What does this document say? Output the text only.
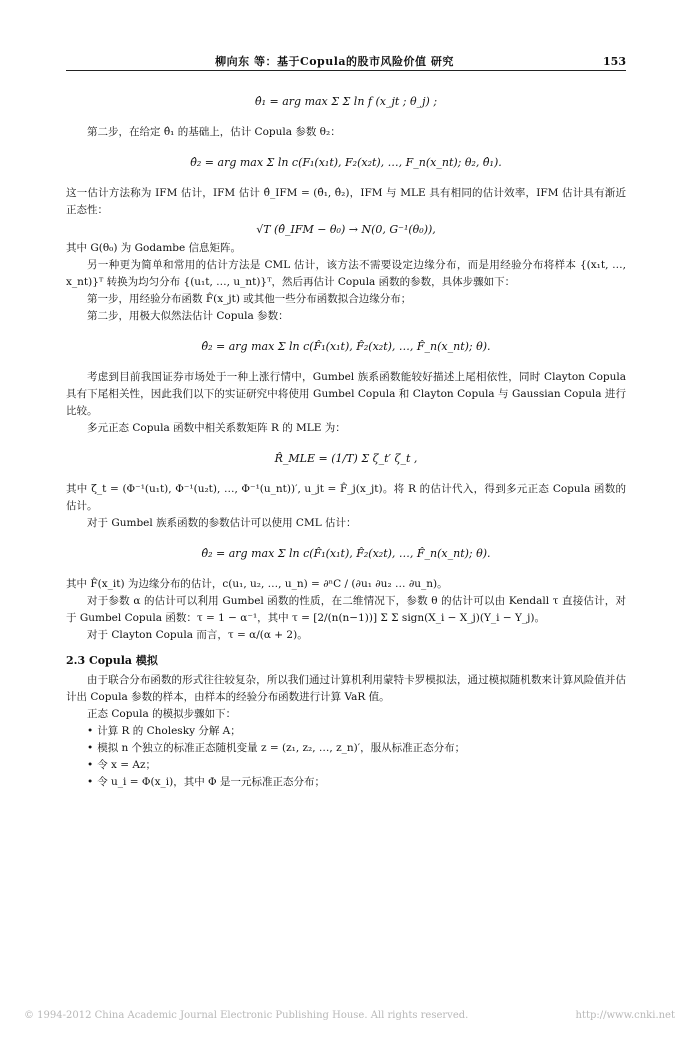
柳向东 等：基于Copula的股市风险价值 研究	153
θ̂₁ = arg max Σ Σ ln f (x_jt ; θ_j) ;

第二步，在给定 θ̂₁ 的基础上，估计 Copula 参数 θ₂：

θ̂₂ = arg max Σ ln c(F₁(x₁t), F₂(x₂t), …, F_n(x_nt); θ₂, θ̂₁).

这一估计方法称为 IFM 估计，IFM 估计 θ̂_IFM = (θ̂₁, θ̂₂)，IFM 与 MLE 具有相同的估计效率，IFM 估计具有渐近正态性：

√T (θ̂_IFM − θ₀) → N(0, G⁻¹(θ₀)),

其中 G(θ₀) 为 Godambe 信息矩阵。

另一种更为简单和常用的估计方法是 CML 估计，该方法不需要设定边缘分布，而是用经验分布将样本 {(x₁t, …, x_nt)}ᵀ 转换为均匀分布 {(u₁t, …, u_nt)}ᵀ，然后再估计 Copula 函数的参数，具体步骤如下：

第一步，用经验分布函数 F̂(x_jt) 或其他一些分布函数拟合边缘分布；

第二步，用极大似然法估计 Copula 参数：

θ̂₂ = arg max Σ ln c(F̂₁(x₁t), F̂₂(x₂t), …, F̂_n(x_nt); θ).

考虑到目前我国证券市场处于一种上涨行情中，Gumbel 族系函数能较好描述上尾相依性，同时 Clayton Copula 具有下尾相关性，因此我们以下的实证研究中将使用 Gumbel Copula 和 Clayton Copula 与 Gaussian Copula 进行比较。

多元正态 Copula 函数中相关系数矩阵 R 的 MLE 为：

R̂_MLE = (1/T) Σ ζ_t′ ζ_t ,

其中 ζ_t = (Φ⁻¹(u₁t), Φ⁻¹(u₂t), …, Φ⁻¹(u_nt))′, u_jt = F̂_j(x_jt)。将 R 的估计代入，得到多元正态 Copula 函数的估计。

对于 Gumbel 族系函数的参数估计可以使用 CML 估计：

θ̂₂ = arg max Σ ln c(F̂₁(x₁t), F̂₂(x₂t), …, F̂_n(x_nt); θ).

其中 F̂(x_it) 为边缘分布的估计，c(u₁, u₂, …, u_n) = ∂ⁿC / (∂u₁ ∂u₂ … ∂u_n)。

对于参数 α 的估计可以利用 Gumbel 函数的性质，在二维情况下，参数 θ 的估计可以由 Kendall τ 直接估计，对于 Gumbel Copula 函数：τ = 1 − α⁻¹，其中 τ = [2/(n(n−1))] Σ Σ sign(X_i − X_j)(Y_i − Y_j)。

对于 Clayton Copula 而言，τ = α/(α + 2)。

2.3 Copula 模拟

由于联合分布函数的形式往往较复杂，所以我们通过计算机利用蒙特卡罗模拟法，通过模拟随机数来计算风险值并估计出 Copula 参数的样本，由样本的经验分布函数进行计算 VaR 值。

正态 Copula 的模拟步骤如下：

• 计算 R 的 Cholesky 分解 A；

• 模拟 n 个独立的标准正态随机变量 z = (z₁, z₂, …, z_n)′，服从标准正态分布；

• 令 x = Az；

• 令 u_i = Φ(x_i)，其中 Φ 是一元标准正态分布；

© 1994-2012 China Academic Journal Electronic Publishing House. All rights reserved.	http://www.cnki.net
